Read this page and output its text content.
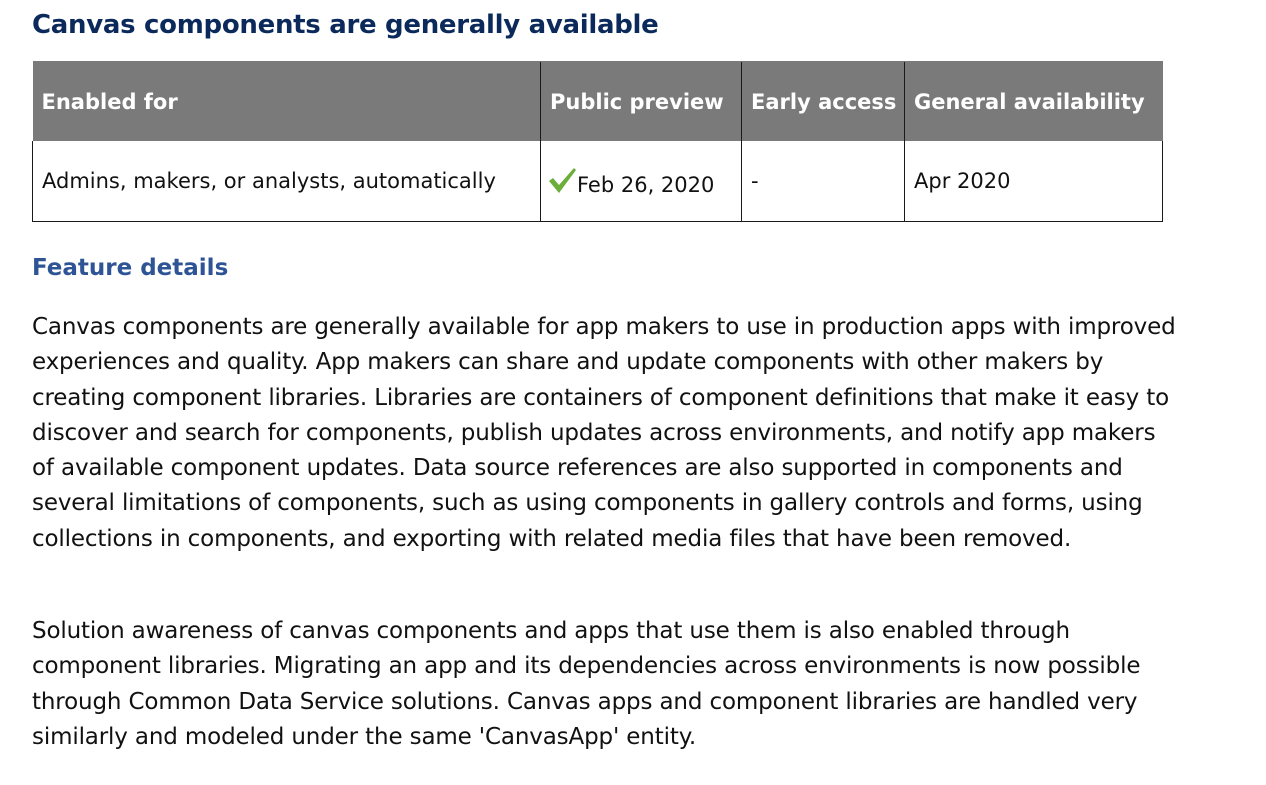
Canvas components are generally available
Enabled for	Public preview	Early access	General availability
Admins, makers, or analysts, automatically	Feb 26, 2020	-	Apr 2020
Feature details

Canvas components are generally available for app makers to use in production apps with improved experiences and quality. App makers can share and update components with other makers by creating component libraries. Libraries are containers of component definitions that make it easy to discover and search for components, publish updates across environments, and notify app makers of available component updates. Data source references are also supported in components and several limitations of components, such as using components in gallery controls and forms, using collections in components, and exporting with related media files that have been removed.

Solution awareness of canvas components and apps that use them is also enabled through component libraries. Migrating an app and its dependencies across environments is now possible through Common Data Service solutions. Canvas apps and component libraries are handled very similarly and modeled under the same 'CanvasApp' entity.
